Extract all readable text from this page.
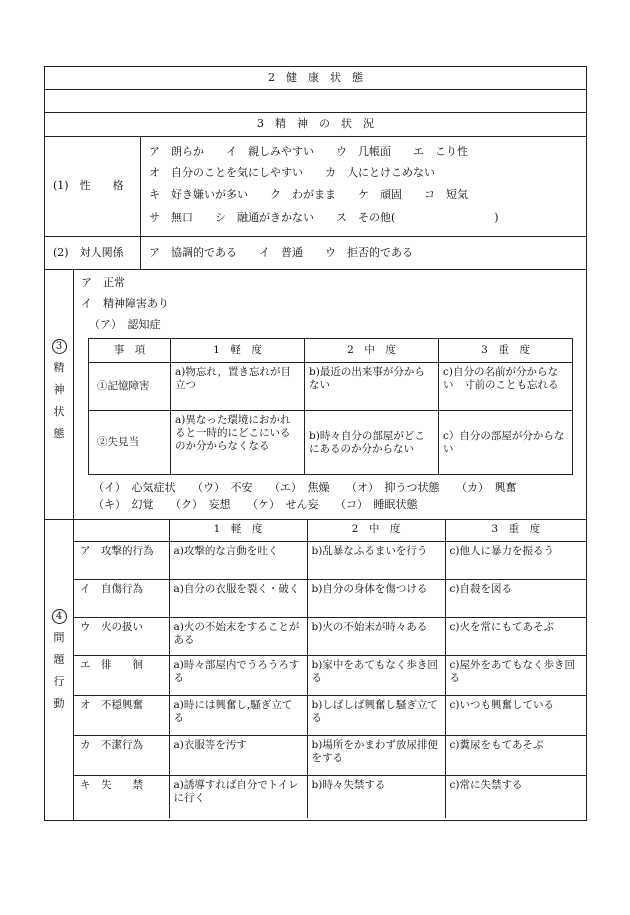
2　健　康　状　態
3　精　神　の　状　況
(1)　性　　格
ア　朗らか　　イ　親しみやすい　　ウ　几帳面　　エ　こり性
オ　自分のことを気にしやすい　　カ　人にとけこめない
キ　好き嫌いが多い　　ク　わがまま　　ケ　頑固　　コ　短気
サ　無口　　シ　融通がきかない　　ス　その他(　　　　　　　　　)
(2)　対人関係 ア　協調的である　　イ　普通　　ウ　拒否的である
3
精
神
状
態
ア　正常
イ　精神障害あり
（ア）　認知症
事　項	1　軽　度	2　中　度	3　重　度
①記憶障害	a)物忘れ，置き忘れが目立つ	b)最近の出来事が分からない	c)自分の名前が分からない　寸前のことも忘れる
②失見当	a)異なった環境におかれると一時的にどこにいるのか分からなくなる	b)時々自分の部屋がどこにあるのか分からない	c）自分の部屋が分からない
（イ）　心気症状　　（ウ）　不安　　（エ）　焦燥　　（オ）　抑うつ状態　　（カ）　興奮
（キ）　幻覚　　（ク）　妄想　　（ケ）　せん妄　　（コ）　睡眠状態
4
問
題
行
動
	1　軽　度	2　中　度	3　重　度
ア　攻撃的行為	a)攻撃的な言動を吐く	b)乱暴なふるまいを行う	c)他人に暴力を振るう
イ　自傷行為	a)自分の衣服を裂く・破く	b)自分の身体を傷つける	c)自殺を図る
ウ　火の扱い	a)火の不始末をすることがある	b)火の不始末が時々ある	c)火を常にもてあそぶ
エ　徘　　徊	a)時々部屋内でうろうろする	b)家中をあてもなく歩き回る	c)屋外をあてもなく歩き回る
オ　不穏興奮	a)時には興奮し,騒ぎ立てる	b)しばしば興奮し騒ぎ立てる	c)いつも興奮している
カ　不潔行為	a)衣服等を汚す	b)場所をかまわず放尿排便をする	c)糞尿をもてあそぶ
キ　失　　禁	a)誘導すれば自分でトイレに行く	b)時々失禁する	c)常に失禁する
